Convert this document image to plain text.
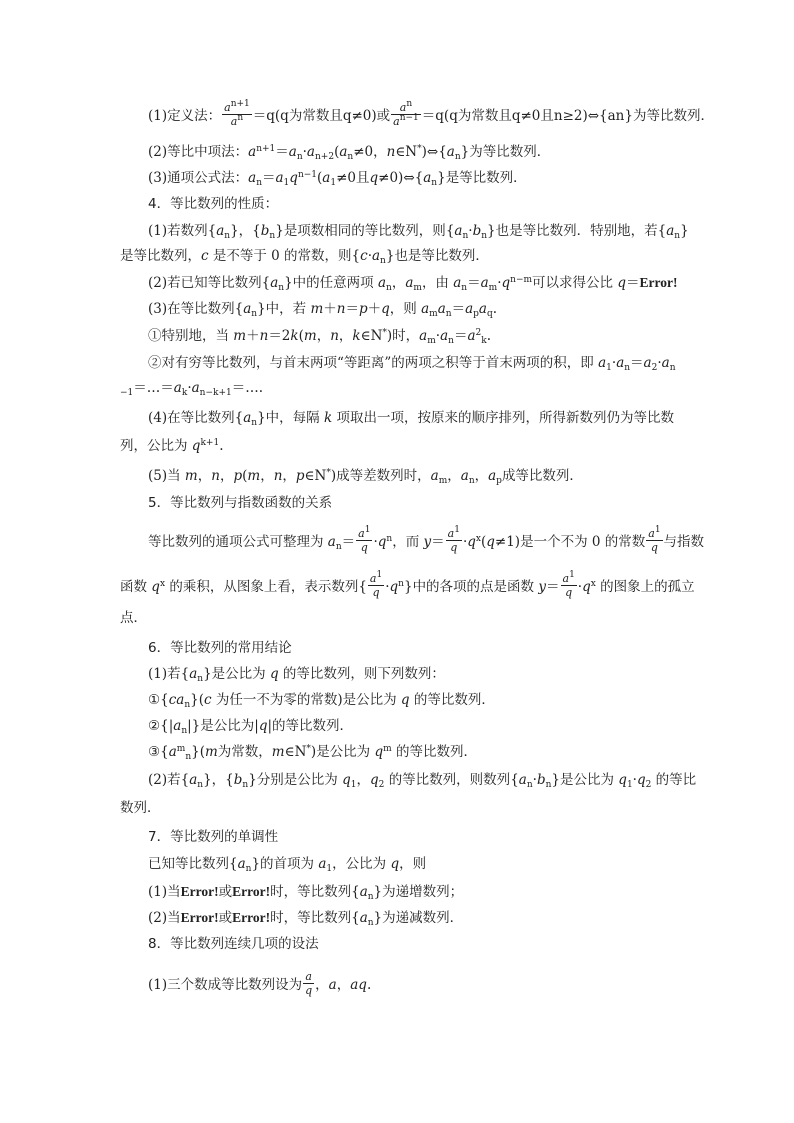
(1)定义法： $\frac{a^{n+1}}{a^n} =q(q$为常数且q≠0)或 $\frac{a^n}{a^{n-1}} =q(q$为常数且q≠0且n≥2)⇔{an}为等比数列．
(2)等比中项法：$a^{n+1}=a_n\cdot a_{n+2}(a_n\ne 0$，$n\in N^*)\Leftrightarrow\{a_n\}$为等比数列．
(3)通项公式法：$a_n=a_1q^{n-1}(a_1\ne 0$且$q\ne 0)\Leftrightarrow\{a_n\}$是等比数列．
4．等比数列的性质：
(1)若数列$\{a_n\}$，$\{b_n\}$是项数相同的等比数列，则$\{a_n\cdot b_n\}$也是等比数列．特别地，若$\{a_n\}$
是等比数列，c 是不等于 0 的常数，则$\{c\cdot a_n\}$也是等比数列．
(2)若已知等比数列$\{a_n\}$中的任意两项 $a_n$，$a_m$，由 $a_n=a_m\cdot q^{n-m}$可以求得公比 q＝Error!
(3)在等比数列$\{a_n\}$中，若 m＋n＝p＋q，则 $a_ma_n=a_pa_q$.
①特别地，当 m＋n＝2k(m，n，k∈N*)时，$a_m\cdot a_n=a^2_k$.
②对有穷等比数列，与首末两项“等距离”的两项之积等于首末两项的积，即 $a_1\cdot a_n=a_2\cdot a_n$
$_{-1}=\dots=a_k\cdot a_{n-k+1}=\dots$.
(4)在等比数列$\{a_n\}$中，每隔 k 项取出一项，按原来的顺序排列，所得新数列仍为等比数
列，公比为 $q^{k+1}$.
(5)当 m，n，p(m，n，p∈N*)成等差数列时，$a_m$，$a_n$，$a_p$成等比数列．
5．等比数列与指数函数的关系
等比数列的通项公式可整理为 $a_n= \frac{a^1}{q} \cdot q^n$，而 $y= \frac{a^1}{q} \cdot q^x(q\ne 1)$是一个不为 0 的常数 $\frac{a^1}{q}$ 与指数
函数 $q^x$ 的乘积，从图象上看，表示数列{ $\frac{a^1}{q} \cdot q^n$}中的各项的点是函数 $y= \frac{a^1}{q} \cdot q^x$ 的图象上的孤立
点．
6．等比数列的常用结论
(1)若$\{a_n\}$是公比为 q 的等比数列，则下列数列：
$①\{ca_n\}(c$ 为任一不为零的常数)是公比为 q 的等比数列．
$②\{|a_n|\}$是公比为|q|的等比数列．
$③\{a^m_n\}(m$为常数，m∈N*)是公比为 $q^m$ 的等比数列．
(2)若$\{a_n\}$，$\{b_n\}$分别是公比为 $q_1$，$q_2$ 的等比数列，则数列$\{a_n\cdot b_n\}$是公比为 $q_1\cdot q_2$ 的等比
数列．
7．等比数列的单调性
已知等比数列$\{a_n\}$的首项为 $a_1$，公比为 q，则
(1)当Error!或Error!时，等比数列$\{a_n\}$为递增数列；
(2)当Error!或Error!时，等比数列$\{a_n\}$为递减数列．
8．等比数列连续几项的设法
(1)三个数成等比数列设为 $\frac{a}{q}$ ，a，aq.
